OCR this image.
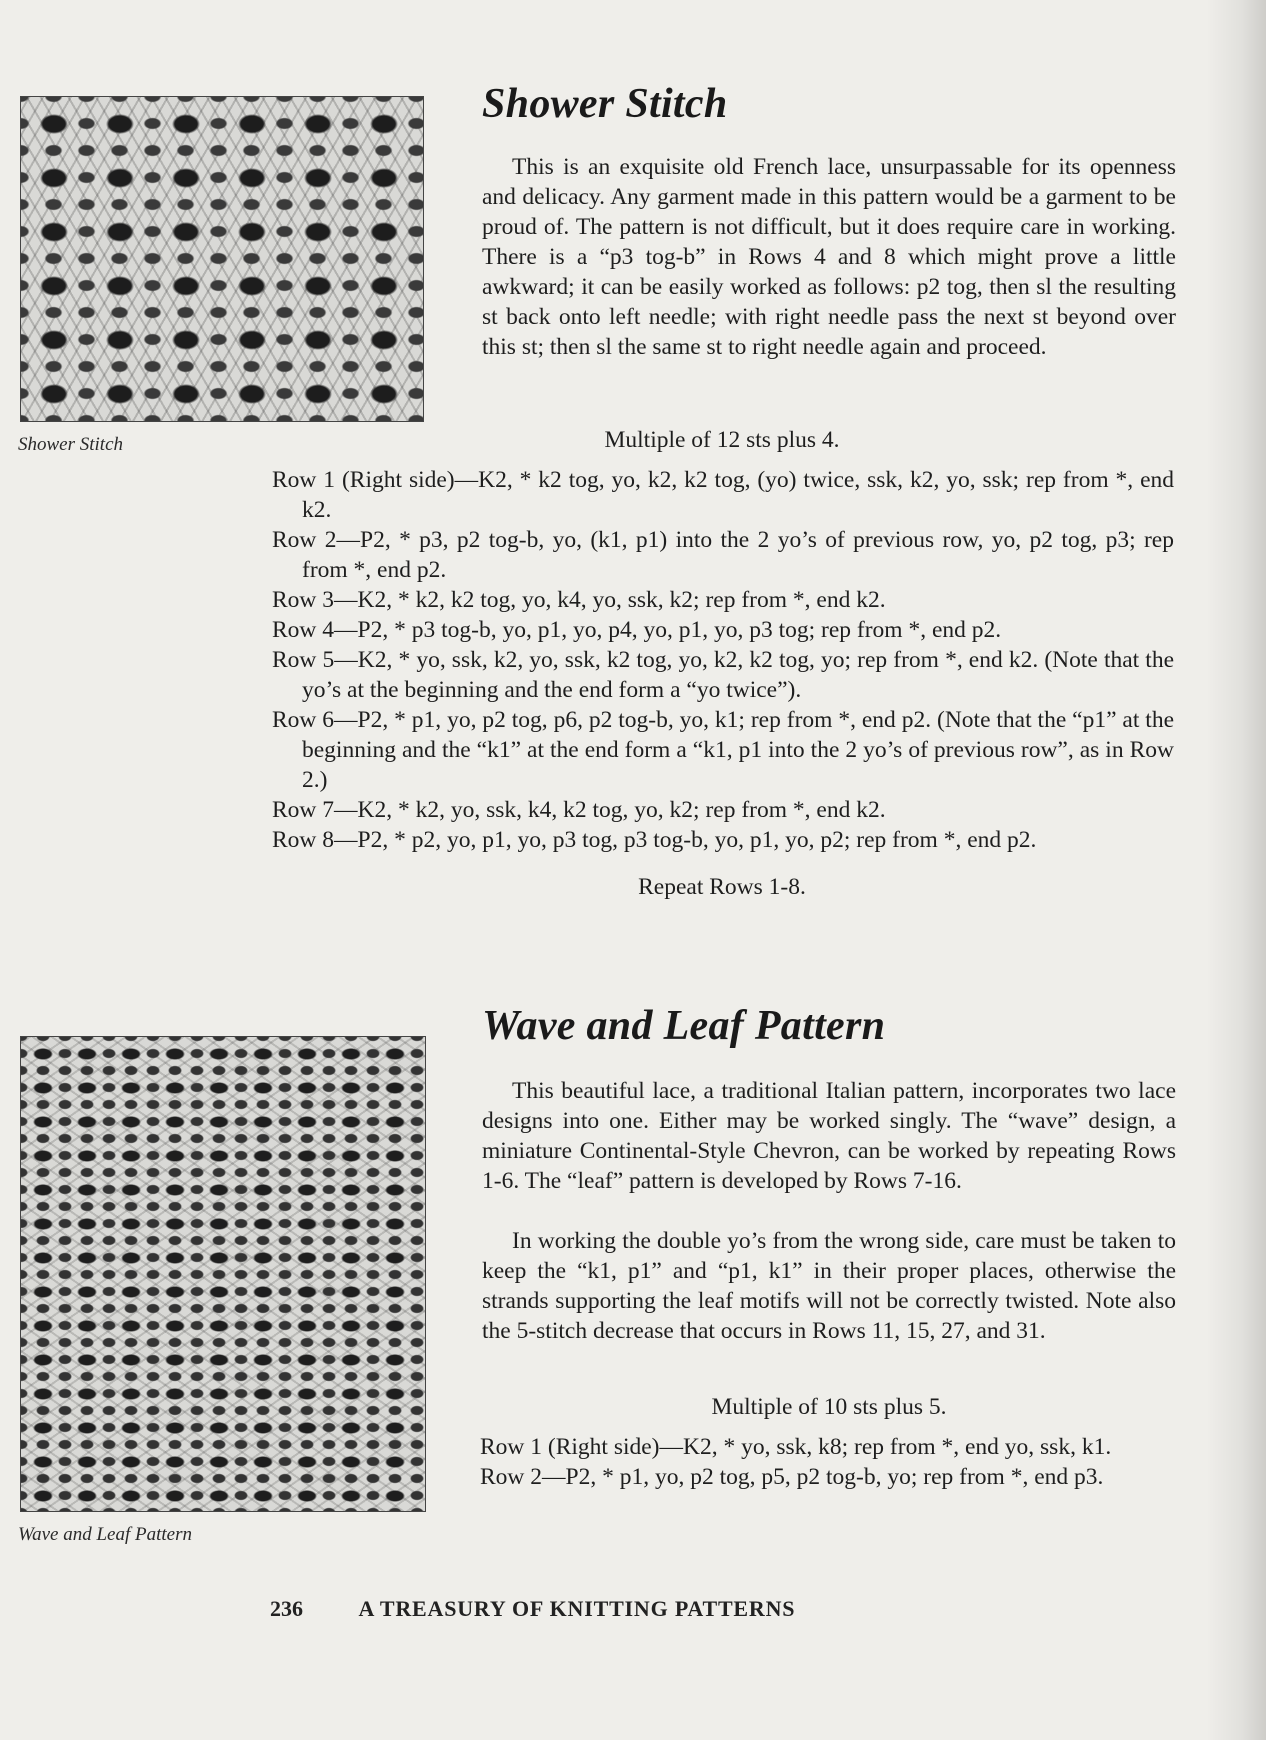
Shower Stitch

Shower Stitch

This is an exquisite old French lace, unsurpassable for its openness and delicacy. Any garment made in this pattern would be a garment to be proud of. The pattern is not difficult, but it does require care in working. There is a “p3 tog-b” in Rows 4 and 8 which might prove a little awkward; it can be easily worked as follows: p2 tog, then sl the resulting st back onto left needle; with right needle pass the next st beyond over this st; then sl the same st to right needle again and proceed.

Multiple of 12 sts plus 4.

Row 1 (Right side)—K2, * k2 tog, yo, k2, k2 tog, (yo) twice, ssk, k2, yo, ssk; rep from *, end k2.
Row 2—P2, * p3, p2 tog-b, yo, (k1, p1) into the 2 yo’s of previous row, yo, p2 tog, p3; rep from *, end p2.
Row 3—K2, * k2, k2 tog, yo, k4, yo, ssk, k2; rep from *, end k2.
Row 4—P2, * p3 tog-b, yo, p1, yo, p4, yo, p1, yo, p3 tog; rep from *, end p2.
Row 5—K2, * yo, ssk, k2, yo, ssk, k2 tog, yo, k2, k2 tog, yo; rep from *, end k2. (Note that the yo’s at the beginning and the end form a “yo twice”).
Row 6—P2, * p1, yo, p2 tog, p6, p2 tog-b, yo, k1; rep from *, end p2. (Note that the “p1” at the beginning and the “k1” at the end form a “k1, p1 into the 2 yo’s of previous row”, as in Row 2.)
Row 7—K2, * k2, yo, ssk, k4, k2 tog, yo, k2; rep from *, end k2.
Row 8—P2, * p2, yo, p1, yo, p3 tog, p3 tog-b, yo, p1, yo, p2; rep from *, end p2.

Repeat Rows 1-8.

Wave and Leaf Pattern

Wave and Leaf Pattern

This beautiful lace, a traditional Italian pattern, incorporates two lace designs into one. Either may be worked singly. The “wave” design, a miniature Continental-Style Chevron, can be worked by repeating Rows 1-6. The “leaf” pattern is developed by Rows 7-16.

In working the double yo’s from the wrong side, care must be taken to keep the “k1, p1” and “p1, k1” in their proper places, otherwise the strands supporting the leaf motifs will not be correctly twisted. Note also the 5-stitch decrease that occurs in Rows 11, 15, 27, and 31.

Multiple of 10 sts plus 5.

Row 1 (Right side)—K2, * yo, ssk, k8; rep from *, end yo, ssk, k1.
Row 2—P2, * p1, yo, p2 tog, p5, p2 tog-b, yo; rep from *, end p3.

236	A TREASURY OF KNITTING PATTERNS
